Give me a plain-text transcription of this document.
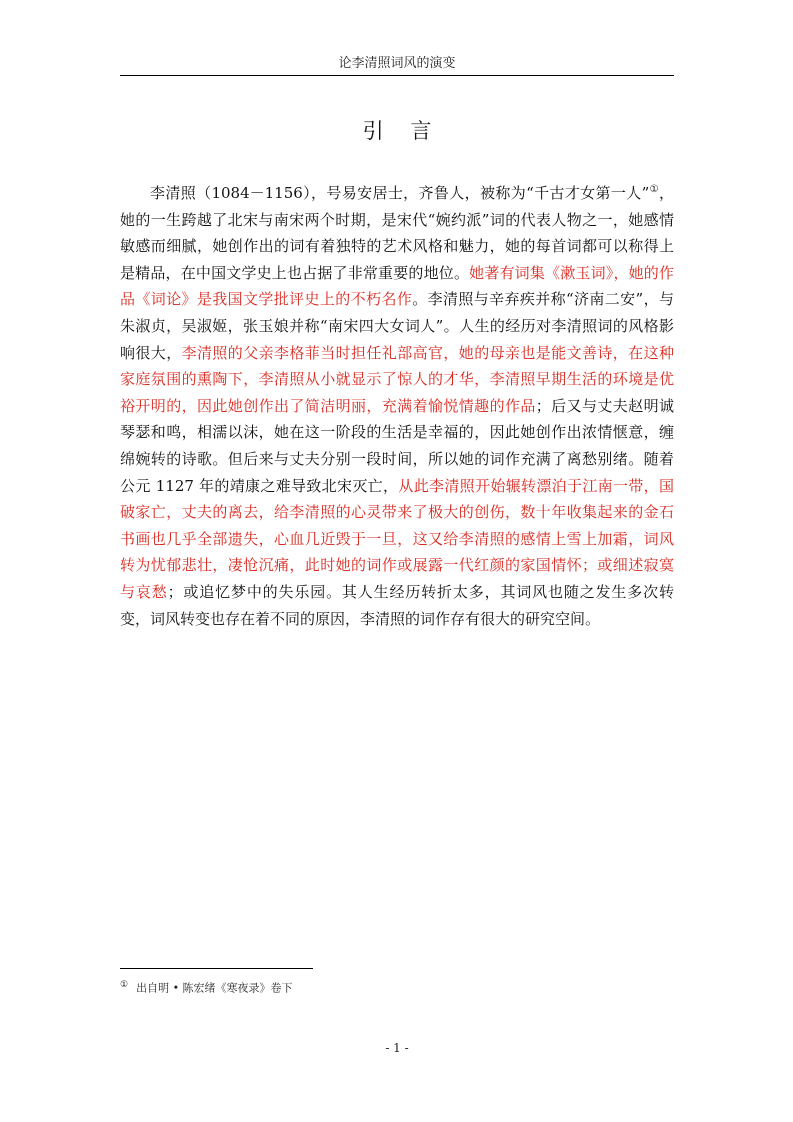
论李清照词风的演变
引 言

李清照（1084－1156），号易安居士，齐鲁人，被称为“千古才女第一人”①，她的一生跨越了北宋与南宋两个时期，是宋代“婉约派”词的代表人物之一，她感情敏感而细腻，她创作出的词有着独特的艺术风格和魅力，她的每首词都可以称得上是精品，在中国文学史上也占据了非常重要的地位。她著有词集《漱玉词》，她的作品《词论》是我国文学批评史上的不朽名作。李清照与辛弃疾并称“济南二安”，与朱淑贞，吴淑姬，张玉娘并称“南宋四大女词人”。人生的经历对李清照词的风格影响很大，李清照的父亲李格菲当时担任礼部高官，她的母亲也是能文善诗，在这种家庭氛围的熏陶下，李清照从小就显示了惊人的才华，李清照早期生活的环境是优裕开明的，因此她创作出了简洁明丽，充满着愉悦情趣的作品；后又与丈夫赵明诚琴瑟和鸣，相濡以沫，她在这一阶段的生活是幸福的，因此她创作出浓情惬意，缠绵婉转的诗歌。但后来与丈夫分别一段时间，所以她的词作充满了离愁别绪。随着公元 1127 年的靖康之难导致北宋灭亡，从此李清照开始辗转漂泊于江南一带，国破家亡，丈夫的离去，给李清照的心灵带来了极大的创伤，数十年收集起来的金石书画也几乎全部遗失，心血几近毁于一旦，这又给李清照的感情上雪上加霜，词风转为忧郁悲壮，凄怆沉痛，此时她的词作或展露一代红颜的家国情怀；或细述寂寞与哀愁；或追忆梦中的失乐园。其人生经历转折太多，其词风也随之发生多次转变，词风转变也存在着不同的原因，李清照的词作存有很大的研究空间。

① 出自明 • 陈宏绪《寒夜录》卷下
- 1 -
